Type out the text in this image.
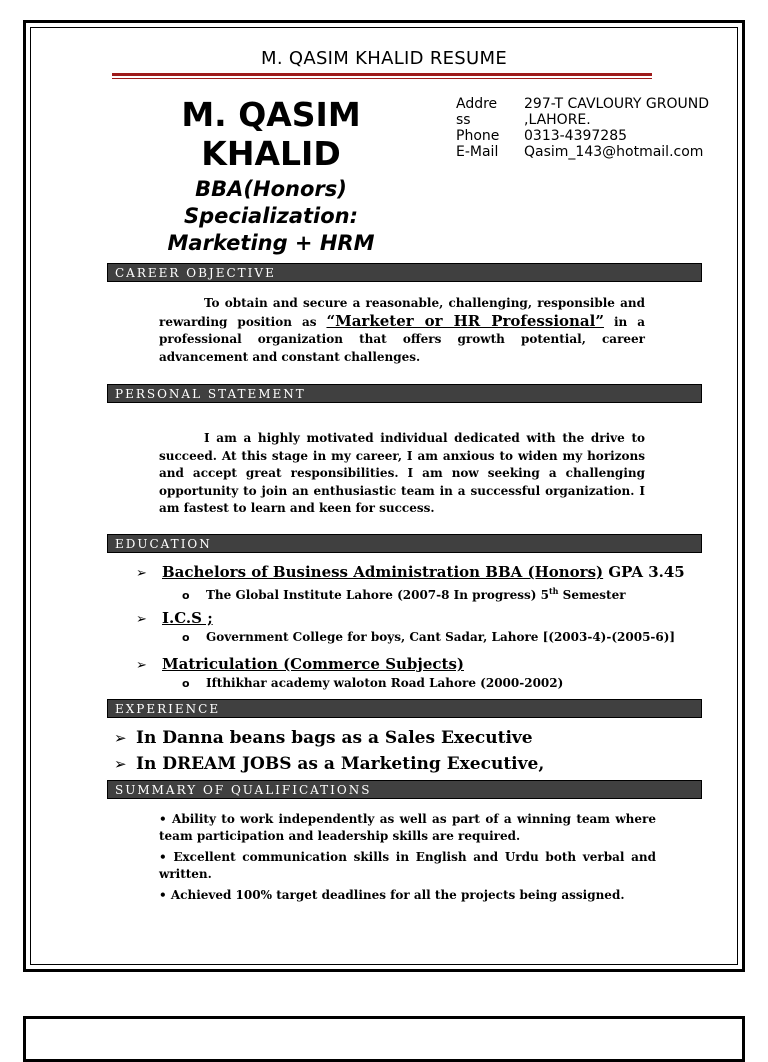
M. QASIM KHALID RESUME
M. QASIM KHALID
BBA(Honors)
Specialization:
Marketing + HRM
Addre	297-T CAVLOURY GROUND
ss	,LAHORE.
Phone	0313-4397285
E-Mail	Qasim_143@hotmail.com
CAREER OBJECTIVE
To obtain and secure a reasonable, challenging, responsible and rewarding position as “Marketer or HR Professional” in a professional organization that offers growth potential, career advancement and constant challenges.
PERSONAL STATEMENT
I am a highly motivated individual dedicated with the drive to succeed. At this stage in my career, I am anxious to widen my horizons and accept great responsibilities. I am now seeking a challenging opportunity to join an enthusiastic team in a successful organization. I am fastest to learn and keen for success.
EDUCATION
➢ Bachelors of Business Administration BBA (Honors) GPA 3.45
o The Global Institute Lahore (2007-8 In progress) 5th Semester
➢ I.C.S ;
o Government College for boys, Cant Sadar, Lahore [(2003-4)-(2005-6)]
➢ Matriculation (Commerce Subjects)
o Ifthikhar academy waloton Road Lahore (2000-2002)
EXPERIENCE
➢ In Danna beans bags as a Sales Executive
➢ In DREAM JOBS as a Marketing Executive,
SUMMARY OF QUALIFICATIONS

• Ability to work independently as well as part of a winning team where team participation and leadership skills are required.

• Excellent communication skills in English and Urdu both verbal and written.

• Achieved 100% target deadlines for all the projects being assigned.
